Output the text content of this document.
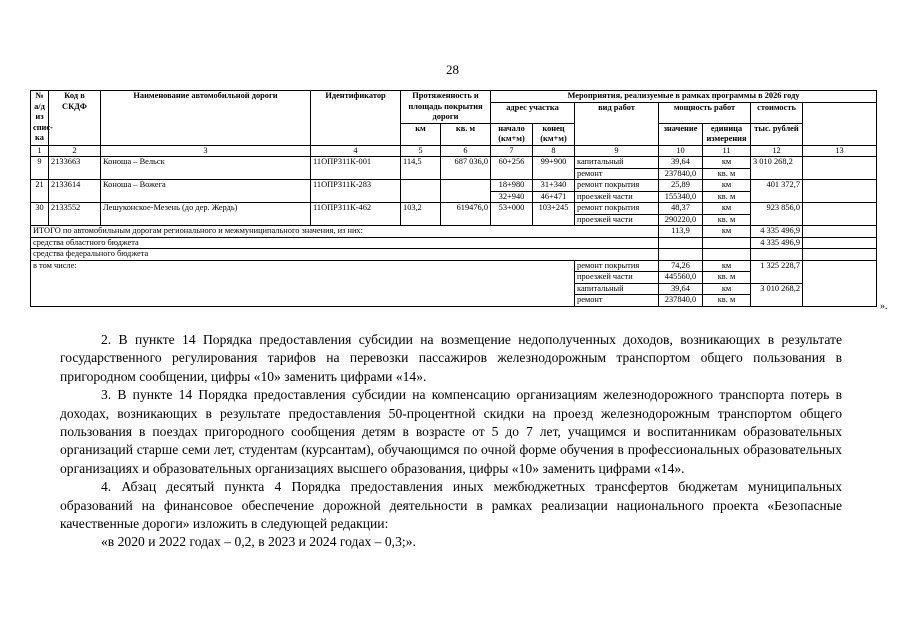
28
№ а/д из спис-ка	Код в СКДФ	Наименование автомобильной дороги	Идентификатор	Протяженность и площадь покрытия дороги		Мероприятия, реализуемые в рамках программы в 2026 году	
						адрес участка		вид работ	мощность работ		стоимость		
				км	кв. м	начало (км+м)	конец (км+м)		значение	единица измерения	тыс. рублей		
1	2	3	4	5	6	7	8	9	10	11	12	13	
9	2133663	Коноша – Вельск	11ОПРЗ11К-001	114,5	687 036,0	60+256	99+900	капитальный	39,64	км	3 010 268,2		
								ремонт	237840,0	кв. м			
21	2133614	Коноша – Вожега	11ОПРЗ11К-283			18+980	31+340	ремонт покрытия	25,89	км	401 372,7		
						32+940	46+471	проезжей части	155340,0	кв. м			
30	2133552	Лешуконское-Мезень (до дер. Жердь)	11ОПРЗ11К-462	103,2	619476,0	53+000	103+245	ремонт покрытия	48,37	км	923 856,0		
								проезжей части	290220,0	кв. м			
ИТОГО по автомобильным дорогам регионального и межмуниципального значения, из них:									113,9	км	4 335 496,9		
средства областного бюджета											4 335 496,9		
средства федерального бюджета													
в том числе:								ремонт покрытия	74,26	км	1 325 228,7		
								проезжей части	445560,0	кв. м			
								капитальный	39,64	км	3 010 268,2		
								ремонт	237840,0	кв. м			
».

2. В пункте 14 Порядка предоставления субсидии на возмещение недополученных доходов, возникающих в результате государственного регулирования тарифов на перевозки пассажиров железнодорожным транспортом общего пользования в пригородном сообщении, цифры «10» заменить цифрами «14».

3. В пункте 14 Порядка предоставления субсидии на компенсацию организациям железнодорожного транспорта потерь в доходах, возникающих в результате предоставления 50-процентной скидки на проезд железнодорожным транспортом общего пользования в поездах пригородного сообщения детям в возрасте от 5 до 7 лет, учащимся и воспитанникам образовательных организаций старше семи лет, студентам (курсантам), обучающимся по очной форме обучения в профессиональных образовательных организациях и образовательных организациях высшего образования, цифры «10» заменить цифрами «14».

4. Абзац десятый пункта 4 Порядка предоставления иных межбюджетных трансфертов бюджетам муниципальных образований на финансовое обеспечение дорожной деятельности в рамках реализации национального проекта «Безопасные качественные дороги» изложить в следующей редакции:

«в 2020 и 2022 годах – 0,2, в 2023 и 2024 годах – 0,3;».
